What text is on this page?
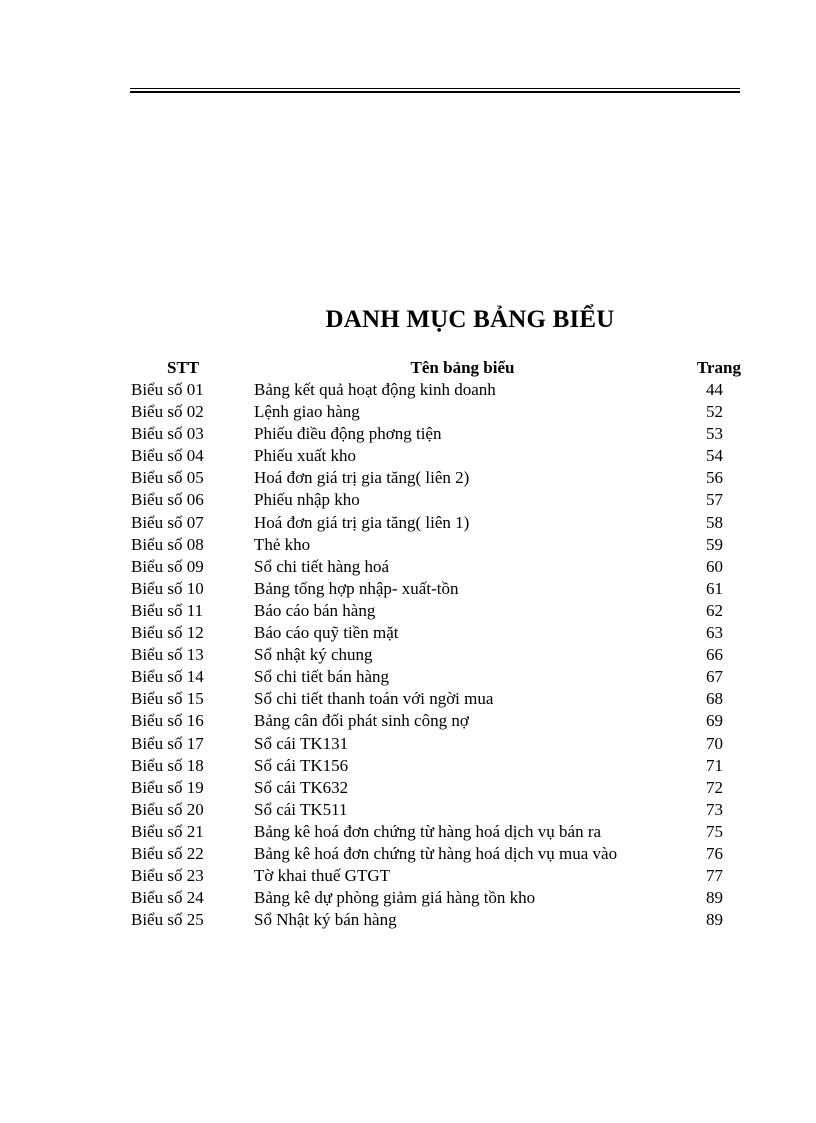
DANH MỤC BẢNG BIỂU
STT	Tên bảng biểu	Trang
Biểu số 01	Bảng kết quả hoạt động kinh doanh	44
Biểu số 02	Lệnh giao hàng	52
Biểu số 03	Phiếu điều động phơng tiện	53
Biểu số 04	Phiếu xuất kho	54
Biểu số 05	Hoá đơn giá trị gia tăng( liên 2)	56
Biểu số 06	Phiếu nhập kho	57
Biểu số 07	Hoá đơn giá trị gia tăng( liên 1)	58
Biểu số 08	Thẻ kho	59
Biểu số 09	Sổ chi tiết hàng hoá	60
Biểu số 10	Bảng tổng hợp nhập- xuất-tồn	61
Biểu số 11	Báo cáo bán hàng	62
Biểu số 12	Báo cáo quỹ tiền mặt	63
Biểu số 13	Sổ nhật ký chung	66
Biểu số 14	Sổ chi tiết bán hàng	67
Biểu số 15	Sổ chi tiết thanh toán với ngời mua	68
Biểu số 16	Bảng cân đối phát sinh công nợ	69
Biểu số 17	Sổ cái TK131	70
Biểu số 18	Sổ cái TK156	71
Biểu số 19	Sổ cái TK632	72
Biểu số 20	Sổ cái TK511	73
Biểu số 21	Bảng kê hoá đơn chứng từ hàng hoá dịch vụ bán ra	75
Biểu số 22	Bảng kê hoá đơn chứng từ hàng hoá dịch vụ mua vào	76
Biểu số 23	Tờ khai thuế GTGT	77
Biểu số 24	Bảng kê dự phòng giảm giá hàng tồn kho	89
Biểu số 25	Sổ Nhật ký bán hàng	89
